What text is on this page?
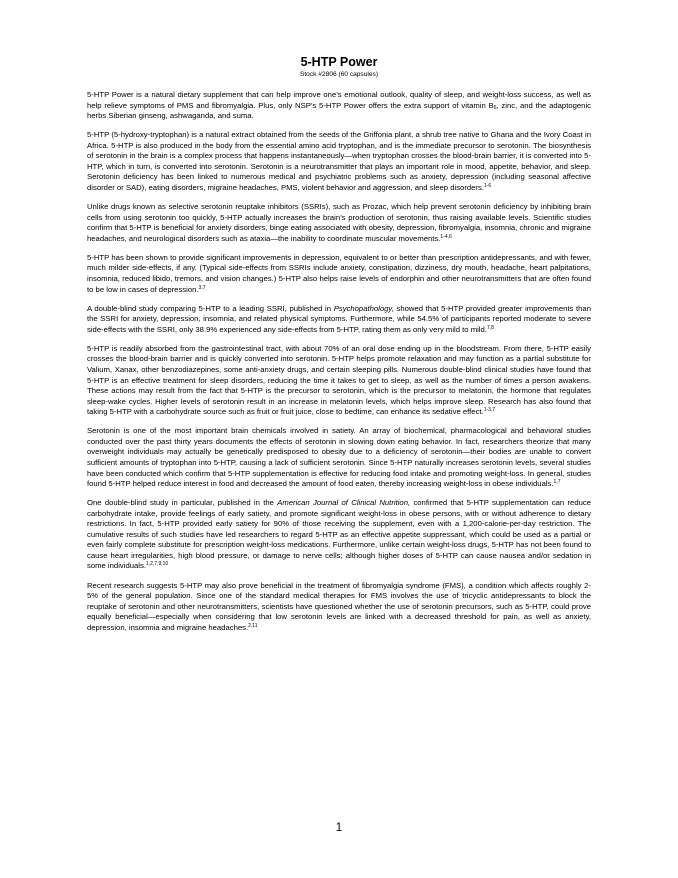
5-HTP Power
Stock #2806 (60 capsules)

5-HTP Power is a natural dietary supplement that can help improve one’s emotional outlook, quality of sleep, and weight-loss success, as well as help relieve symptoms of PMS and fibromyalgia. Plus, only NSP’s 5-HTP Power offers the extra support of vitamin $B_6$, zinc, and the adaptogenic herbs Siberian ginseng, ashwaganda, and suma.

5-HTP (5-hydroxy-tryptophan) is a natural extract obtained from the seeds of the Griffonia plant, a shrub tree native to Ghana and the Ivory Coast in Africa. 5-HTP is also produced in the body from the essential amino acid tryptophan, and is the immediate precursor to serotonin. The biosynthesis of serotonin in the brain is a complex process that happens instantaneously—when tryptophan crosses the blood-brain barrier, it is converted into 5-HTP, which in turn, is converted into serotonin. Serotonin is a neurotransmitter that plays an important role in mood, appetite, behavior, and sleep. Serotonin deficiency has been linked to numerous medical and psychiatric problems such as anxiety, depression (including seasonal affective disorder or SAD), eating disorders, migraine headaches, PMS, violent behavior and aggression, and sleep disorders.$^{1-6}$

Unlike drugs known as selective serotonin reuptake inhibitors (SSRIs), such as Prozac, which help prevent serotonin deficiency by inhibiting brain cells from using serotonin too quickly, 5-HTP actually increases the brain’s production of serotonin, thus raising available levels. Scientific studies confirm that 5-HTP is beneficial for anxiety disorders, binge eating associated with obesity, depression, fibromyalgia, insomnia, chronic and migraine headaches, and neurological disorders such as ataxia—the inability to coordinate muscular movements.$^{1-4,6}$

5-HTP has been shown to provide significant improvements in depression, equivalent to or better than prescription antidepressants, and with fewer, much milder side-effects, if any. (Typical side-effects from SSRIs include anxiety, constipation, dizziness, dry mouth, headache, heart palpitations, insomnia, reduced libido, tremors, and vision changes.) 5-HTP also helps raise levels of endorphin and other neurotransmitters that are often found to be low in cases of depression.$^{3,7}$

A double-blind study comparing 5-HTP to a leading SSRI, published in Psychopathology, showed that 5-HTP provided greater improvements than the SSRI for anxiety, depression, insomnia, and related physical symptoms. Furthermore, while 54.5% of participants reported moderate to severe side-effects with the SSRI, only 38.9% experienced any side-effects from 5-HTP, rating them as only very mild to mild.$^{7,8}$

5-HTP is readily absorbed from the gastrointestinal tract, with about 70% of an oral dose ending up in the bloodstream. From there, 5-HTP easily crosses the blood-brain barrier and is quickly converted into serotonin. 5-HTP helps promote relaxation and may function as a partial substitute for Valium, Xanax, other benzodiazepines, some anti-anxiety drugs, and certain sleeping pills. Numerous double-blind clinical studies have found that 5-HTP is an effective treatment for sleep disorders, reducing the time it takes to get to sleep, as well as the number of times a person awakens. These actions may result from the fact that 5-HTP is the precursor to serotonin, which is the precursor to melatonin, the hormone that regulates sleep-wake cycles. Higher levels of serotonin result in an increase in melatonin levels, which helps improve sleep. Research has also found that taking 5-HTP with a carbohydrate source such as fruit or fruit juice, close to bedtime, can enhance its sedative effect.$^{1-3,7}$

Serotonin is one of the most important brain chemicals involved in satiety. An array of biochemical, pharmacological and behavioral studies conducted over the past thirty years documents the effects of serotonin in slowing down eating behavior. In fact, researchers theorize that many overweight individuals may actually be genetically predisposed to obesity due to a deficiency of serotonin—their bodies are unable to convert sufficient amounts of tryptophan into 5-HTP, causing a lack of sufficient serotonin. Since 5-HTP naturally increases serotonin levels, several studies have been conducted which confirm that 5-HTP supplementation is effective for reducing food intake and promoting weight-loss. In general, studies found 5-HTP helped reduce interest in food and decreased the amount of food eaten, thereby increasing weight-loss in obese individuals.$^{1,7}$

One double-blind study in particular, published in the American Journal of Clinical Nutrition, confirmed that 5-HTP supplementation can reduce carbohydrate intake, provide feelings of early satiety, and promote significant weight-loss in obese persons, with or without adherence to dietary restrictions. In fact, 5-HTP provided early satiety for 90% of those receiving the supplement, even with a 1,200-calorie-per-day restriction. The cumulative results of such studies have led researchers to regard 5-HTP as an effective appetite suppressant, which could be used as a partial or even fairly complete substitute for prescription weight-loss medications. Furthermore, unlike certain weight-loss drugs, 5-HTP has not been found to cause heart irregularities, high blood pressure, or damage to nerve cells; although higher doses of 5-HTP can cause nausea and/or sedation in some individuals.$^{1,2,7,9,10}$

Recent research suggests 5-HTP may also prove beneficial in the treatment of fibromyalgia syndrome (FMS), a condition which affects roughly 2-5% of the general population. Since one of the standard medical therapies for FMS involves the use of tricyclic antidepressants to block the reuptake of serotonin and other neurotransmitters, scientists have questioned whether the use of serotonin precursors, such as 5-HTP, could prove equally beneficial—especially when considering that low serotonin levels are linked with a decreased threshold for pain, as well as anxiety, depression, insomnia and migraine headaches.$^{2,11}$

1
